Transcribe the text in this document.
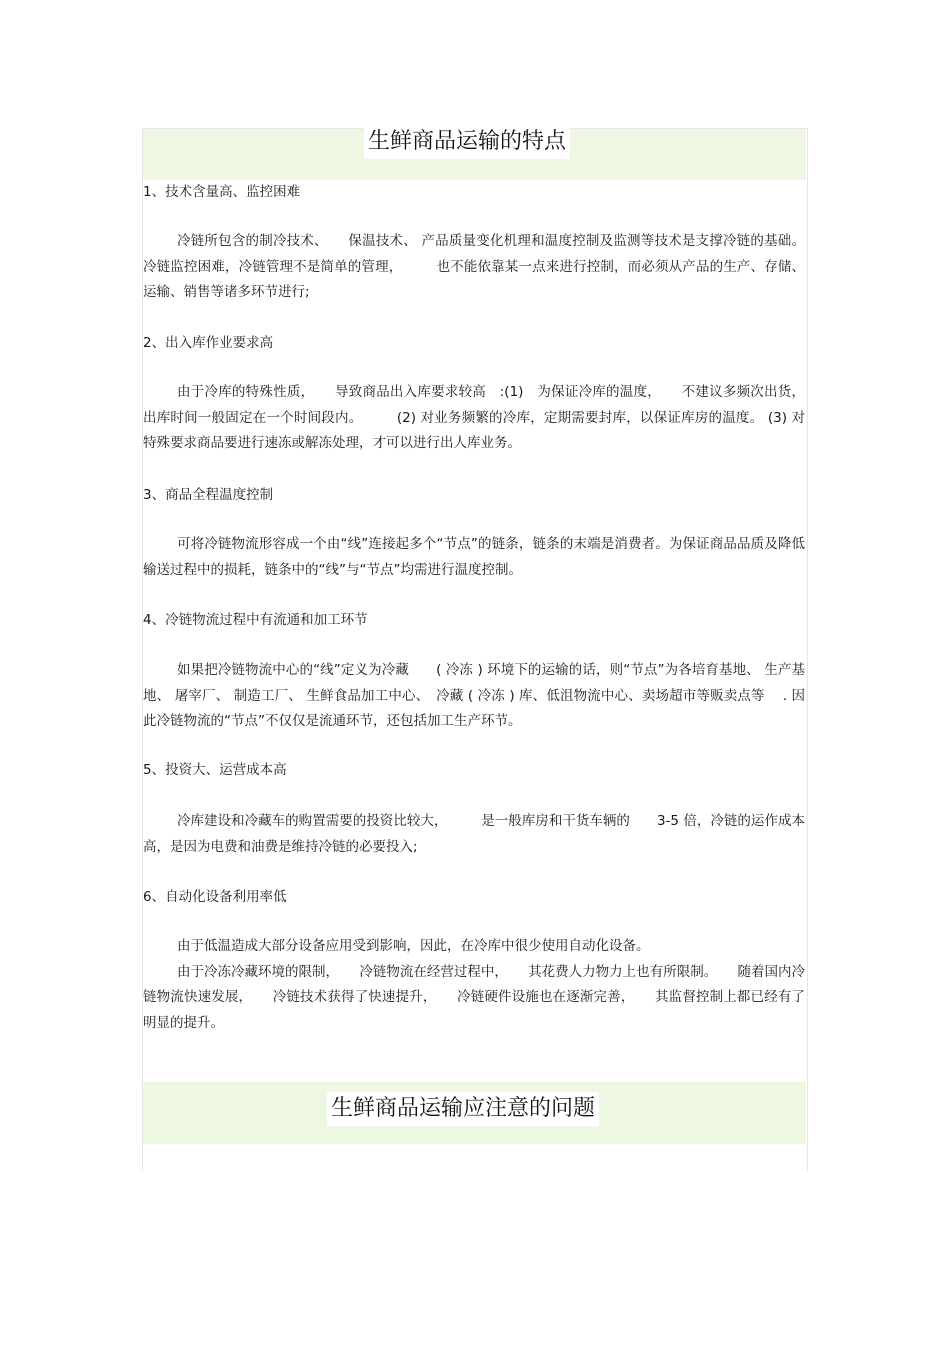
生鲜商品运输的特点
1、技术含量高、监控困难

冷链所包含的制冷技术、　　保温技术、 产品质量变化机理和温度控制及监测等技术是支撑冷链的基础。冷链监控困难，冷链管理不是简单的管理，　　　也不能依靠某一点来进行控制，而必须从产品的生产、存储、运输、销售等诸多环节进行;

2、出入库作业要求高

由于冷库的特殊性质，　　导致商品出入库要求较高　:(1)　为保证冷库的温度，　　不建议多频次出货，出库时间一般固定在一个时间段内。　　　(2) 对业务频繁的冷库，定期需要封库，以保证库房的温度。 (3) 对特殊要求商品要进行速冻或解冻处理，才可以进行出人库业务。

3、商品全程温度控制

可将冷链物流形容成一个由“线”连接起多个“节点”的链条，链条的末端是消费者。为保证商品品质及降低输送过程中的损耗，链条中的“线”与“节点”均需进行温度控制。

4、冷链物流过程中有流通和加工环节

如果把冷链物流中心的“线”定义为冷藏　　( 冷冻 ) 环境下的运输的话，则“节点”为各培育基地、 生产基地、 屠宰厂、 制造工厂、 生鲜食品加工中心、　冷藏 ( 冷冻 ) 库、低沮物流中心、卖场超市等贩卖点等　 . 因此冷链物流的“节点”不仅仅是流通环节，还包括加工生产环节。

5、投资大、运营成本高

冷库建设和冷藏车的购置需要的投资比较大，　　　是一般库房和干货车辆的　　3-5 倍，冷链的运作成本高，是因为电费和油费是维持冷链的必要投入;

6、自动化设备利用率低

由于低温造成大部分设备应用受到影响，因此，在冷库中很少使用自动化设备。

由于冷冻冷藏环境的限制，　　冷链物流在经营过程中，　　其花费人力物力上也有所限制。　　随着国内冷链物流快速发展，　　冷链技术获得了快速提升，　　冷链硬件设施也在逐渐完善，　　其监督控制上都已经有了明显的提升。

生鲜商品运输应注意的问题
